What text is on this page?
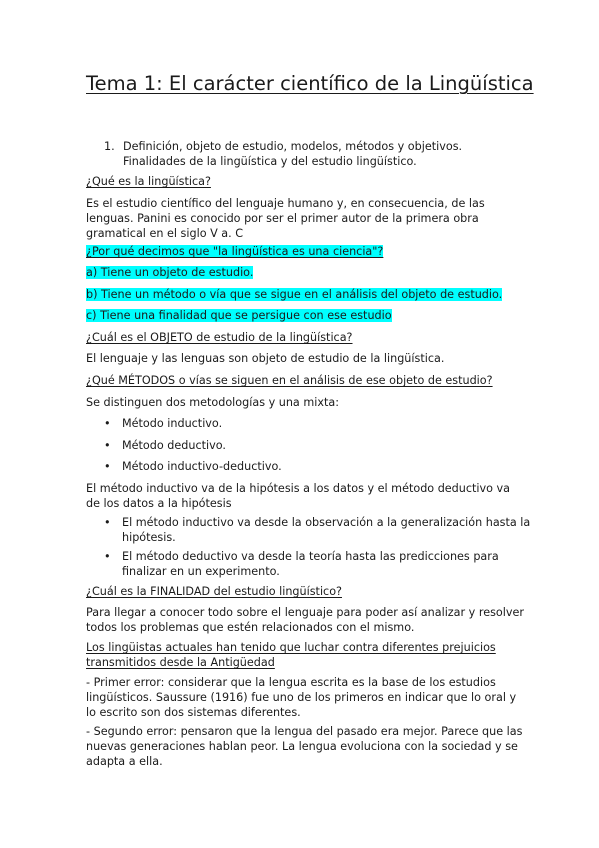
Tema 1: El carácter científico de la Lingüística
1. Definición, objeto de estudio, modelos, métodos y objetivos. Finalidades de la lingüística y del estudio lingüístico.

¿Qué es la lingüística?

Es el estudio científico del lenguaje humano y, en consecuencia, de las lenguas. Panini es conocido por ser el primer autor de la primera obra gramatical en el siglo V a. C

¿Por qué decimos que "la lingüística es una ciencia"?

a) Tiene un objeto de estudio.

b) Tiene un método o vía que se sigue en el análisis del objeto de estudio.

c) Tiene una finalidad que se persigue con ese estudio

¿Cuál es el OBJETO de estudio de la lingüística?

El lenguaje y las lenguas son objeto de estudio de la lingüística.

¿Qué MÉTODOS o vías se siguen en el análisis de ese objeto de estudio?

Se distinguen dos metodologías y una mixta:

• Método inductivo.
• Método deductivo.
• Método inductivo-deductivo.

El método inductivo va de la hipótesis a los datos y el método deductivo va de los datos a la hipótesis

• El método inductivo va desde la observación a la generalización hasta la hipótesis.
• El método deductivo va desde la teoría hasta las predicciones para finalizar en un experimento.

¿Cuál es la FINALIDAD del estudio lingüístico?

Para llegar a conocer todo sobre el lenguaje para poder así analizar y resolver todos los problemas que estén relacionados con el mismo.

Los lingüistas actuales han tenido que luchar contra diferentes prejuicios transmitidos desde la Antigüedad

- Primer error: considerar que la lengua escrita es la base de los estudios lingüísticos. Saussure (1916) fue uno de los primeros en indicar que lo oral y lo escrito son dos sistemas diferentes.

- Segundo error: pensaron que la lengua del pasado era mejor. Parece que las nuevas generaciones hablan peor. La lengua evoluciona con la sociedad y se adapta a ella.
